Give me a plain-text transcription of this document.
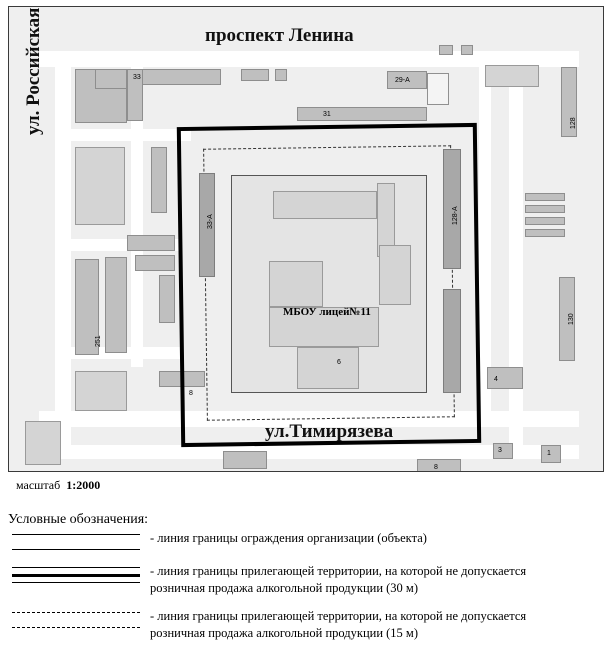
33
251
8
29-А
31
128
130
4
8
3	1
33-А	128-А
6
МБОУ лицей№11
проспект Ленина
ул. Российская
ул.Тимирязева
масштаб 1:2000
Условные обозначения:
- линия границы ограждения организации (объекта)
- линия границы прилегающей территории, на которой не допускается розничная продажа алкогольной продукции (30 м)
- линия границы прилегающей территории, на которой не допускается розничная продажа алкогольной продукции (15 м)
